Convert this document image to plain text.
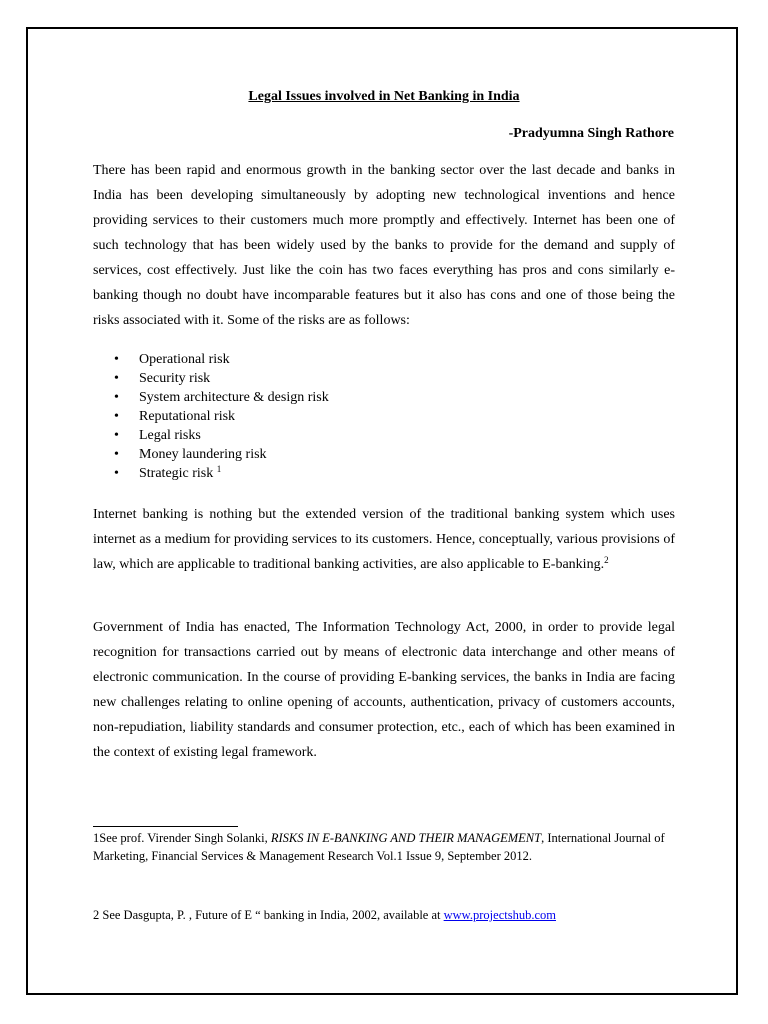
Legal Issues involved in Net Banking in India
-Pradyumna Singh Rathore

There has been rapid and enormous growth in the banking sector over the last decade and banks in India has been developing simultaneously by adopting new technological inventions and hence providing services to their customers much more promptly and effectively. Internet has been one of such technology that has been widely used by the banks to provide for the demand and supply of services, cost effectively. Just like the coin has two faces everything has pros and cons similarly e-banking though no doubt have incomparable features but it also has cons and one of those being the risks associated with it. Some of the risks are as follows:

• Operational risk
• Security risk
• System architecture & design risk
• Reputational risk
• Legal risks
• Money laundering risk
• Strategic risk $^1$

Internet banking is nothing but the extended version of the traditional banking system which uses internet as a medium for providing services to its customers. Hence, conceptually, various provisions of law, which are applicable to traditional banking activities, are also applicable to E-banking.$^2$

Government of India has enacted, The Information Technology Act, 2000, in order to provide legal recognition for transactions carried out by means of electronic data interchange and other means of electronic communication. In the course of providing E-banking services, the banks in India are facing new challenges relating to online opening of accounts, authentication, privacy of customers accounts, non-repudiation, liability standards and consumer protection, etc., each of which has been examined in the context of existing legal framework.

1See prof. Virender Singh Solanki, RISKS IN E-BANKING AND THEIR MANAGEMENT, International Journal of Marketing, Financial Services & Management Research Vol.1 Issue 9, September 2012.

2 See Dasgupta, P. , Future of E “ banking in India, 2002, available at www.projectshub.com
